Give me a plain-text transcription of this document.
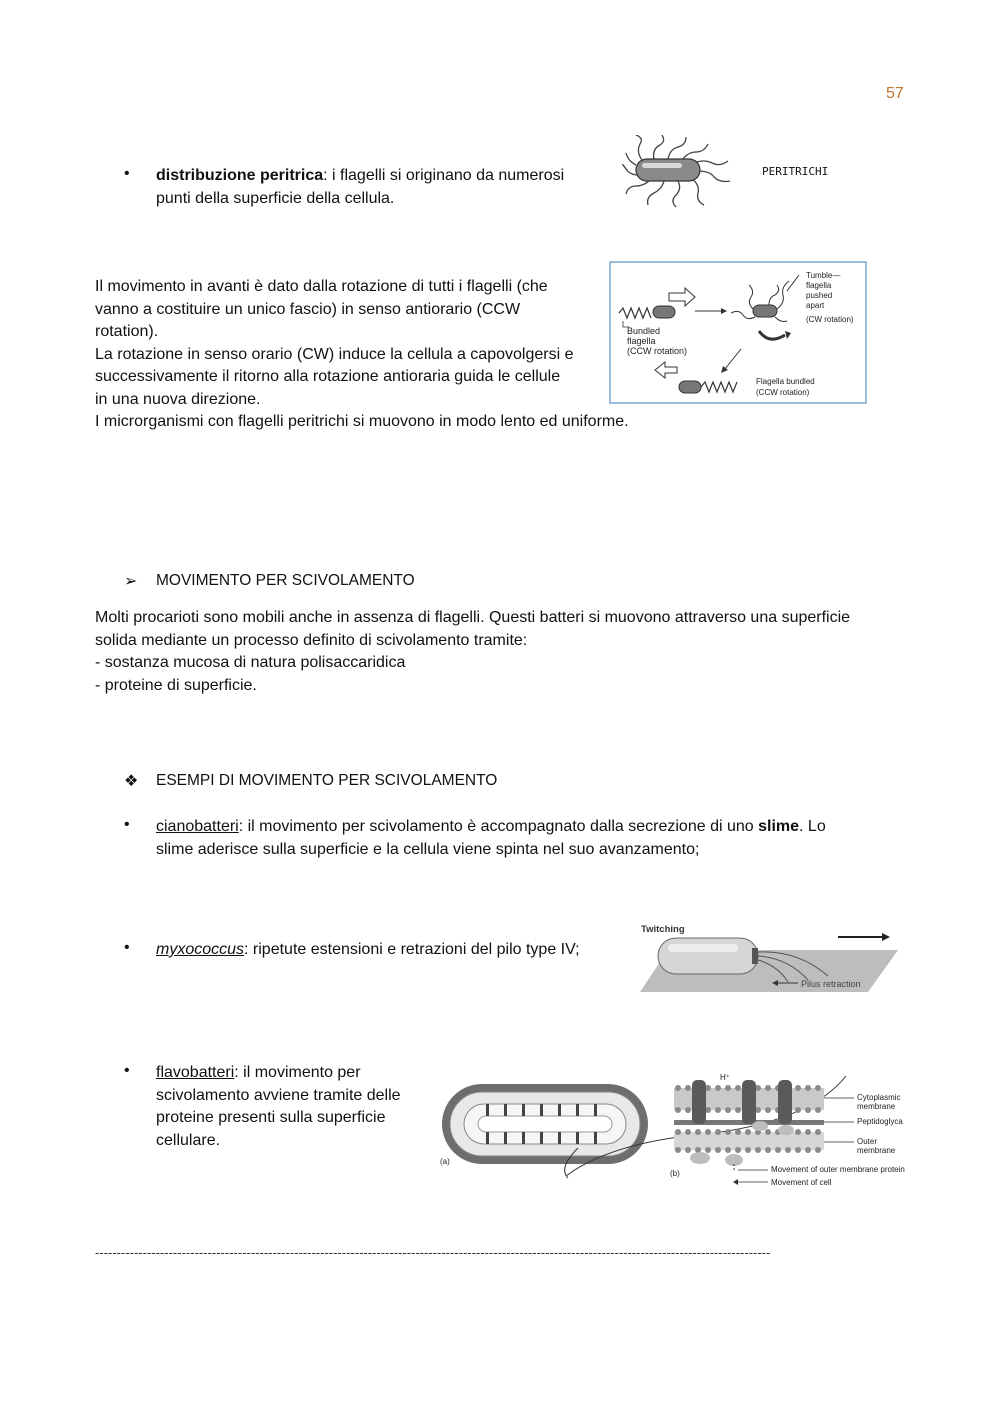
57
• distribuzione peritrica: i flagelli si originano da numerosi
punti della superficie della cellula.
PERITRICHI
Il movimento in avanti è dato dalla rotazione di tutti i flagelli (che
vanno a costituire un unico fascio) in senso antiorario (CCW
rotation).
La rotazione in senso orario (CW) induce la cellula a capovolgersi e
successivamente il ritorno alla rotazione antioraria guida le cellule
in una nuova direzione.
I microrganismi con flagelli peritrichi si muovono in modo lento ed uniforme.
Bundled
flagella
(CCW rotation)
Tumble—
flagella
pushed
apart
(CW rotation)
Flagella bundled
(CCW rotation)
➢ MOVIMENTO PER SCIVOLAMENTO
Molti procarioti sono mobili anche in assenza di flagelli. Questi batteri si muovono attraverso una superficie
solida mediante un processo definito di scivolamento tramite:
- sostanza mucosa di natura polisaccaridica
- proteine di superficie.
❖ ESEMPI DI MOVIMENTO PER SCIVOLAMENTO
• cianobatteri: il movimento per scivolamento è accompagnato dalla secrezione di uno slime. Lo
slime aderisce sulla superficie e la cellula viene spinta nel suo avanzamento;
• myxococcus: ripetute estensioni e retrazioni del pilo type IV;
Twitching
Pilus retraction
• flavobatteri: il movimento per
scivolamento avviene tramite delle
proteine presenti sulla superficie
cellulare.
(a)
H⁺
(b)
Cytoplasmic
membrane
Peptidoglyca
Outer
membrane
Movement of outer membrane protein
Movement of cell
------------------------------------------------------------------------------------------------------------------------------------------------------------
